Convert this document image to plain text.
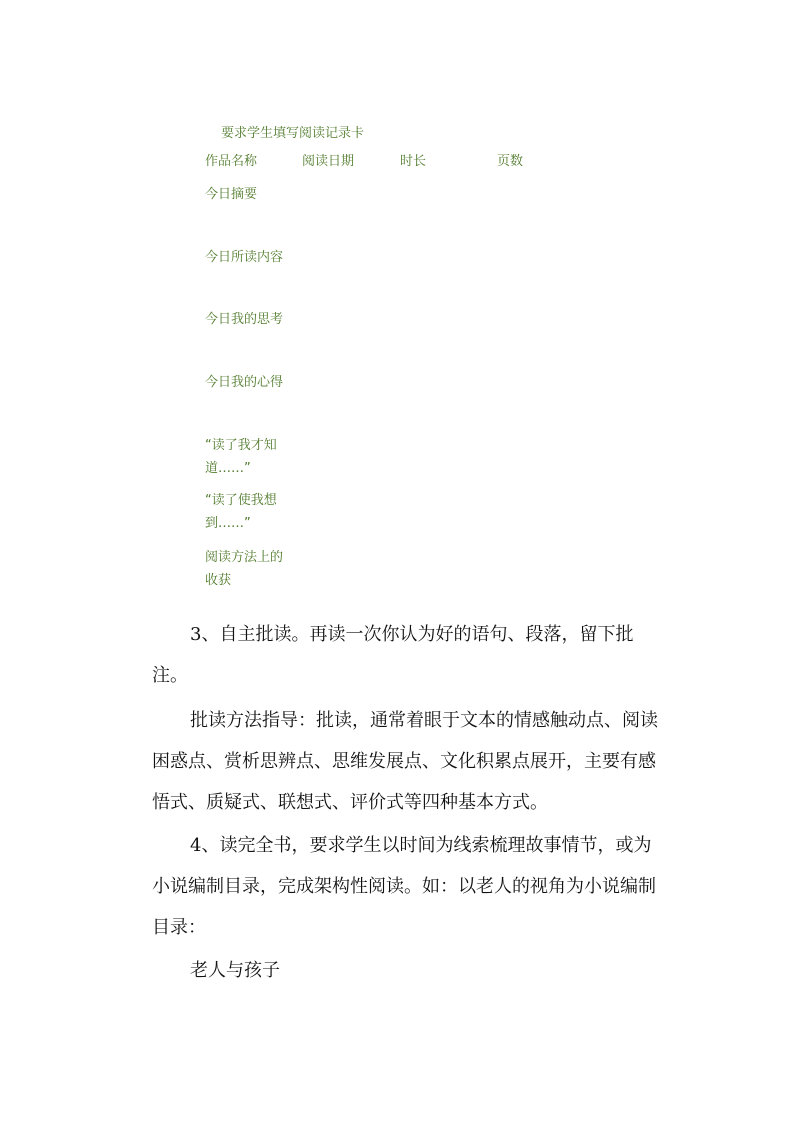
要求学生填写阅读记录卡
作品名称	阅读日期	时长	页数
今日摘要
今日所读内容
今日我的思考
今日我的心得
“读了我才知
道……”
“读了使我想
到……”
阅读方法上的
收获

3、自主批读。再读一次你认为好的语句、段落，留下批注。

批读方法指导：批读，通常着眼于文本的情感触动点、阅读困惑点、赏析思辨点、思维发展点、文化积累点展开，主要有感悟式、质疑式、联想式、评价式等四种基本方式。

4、读完全书，要求学生以时间为线索梳理故事情节，或为小说编制目录，完成架构性阅读。如：以老人的视角为小说编制目录：

老人与孩子
